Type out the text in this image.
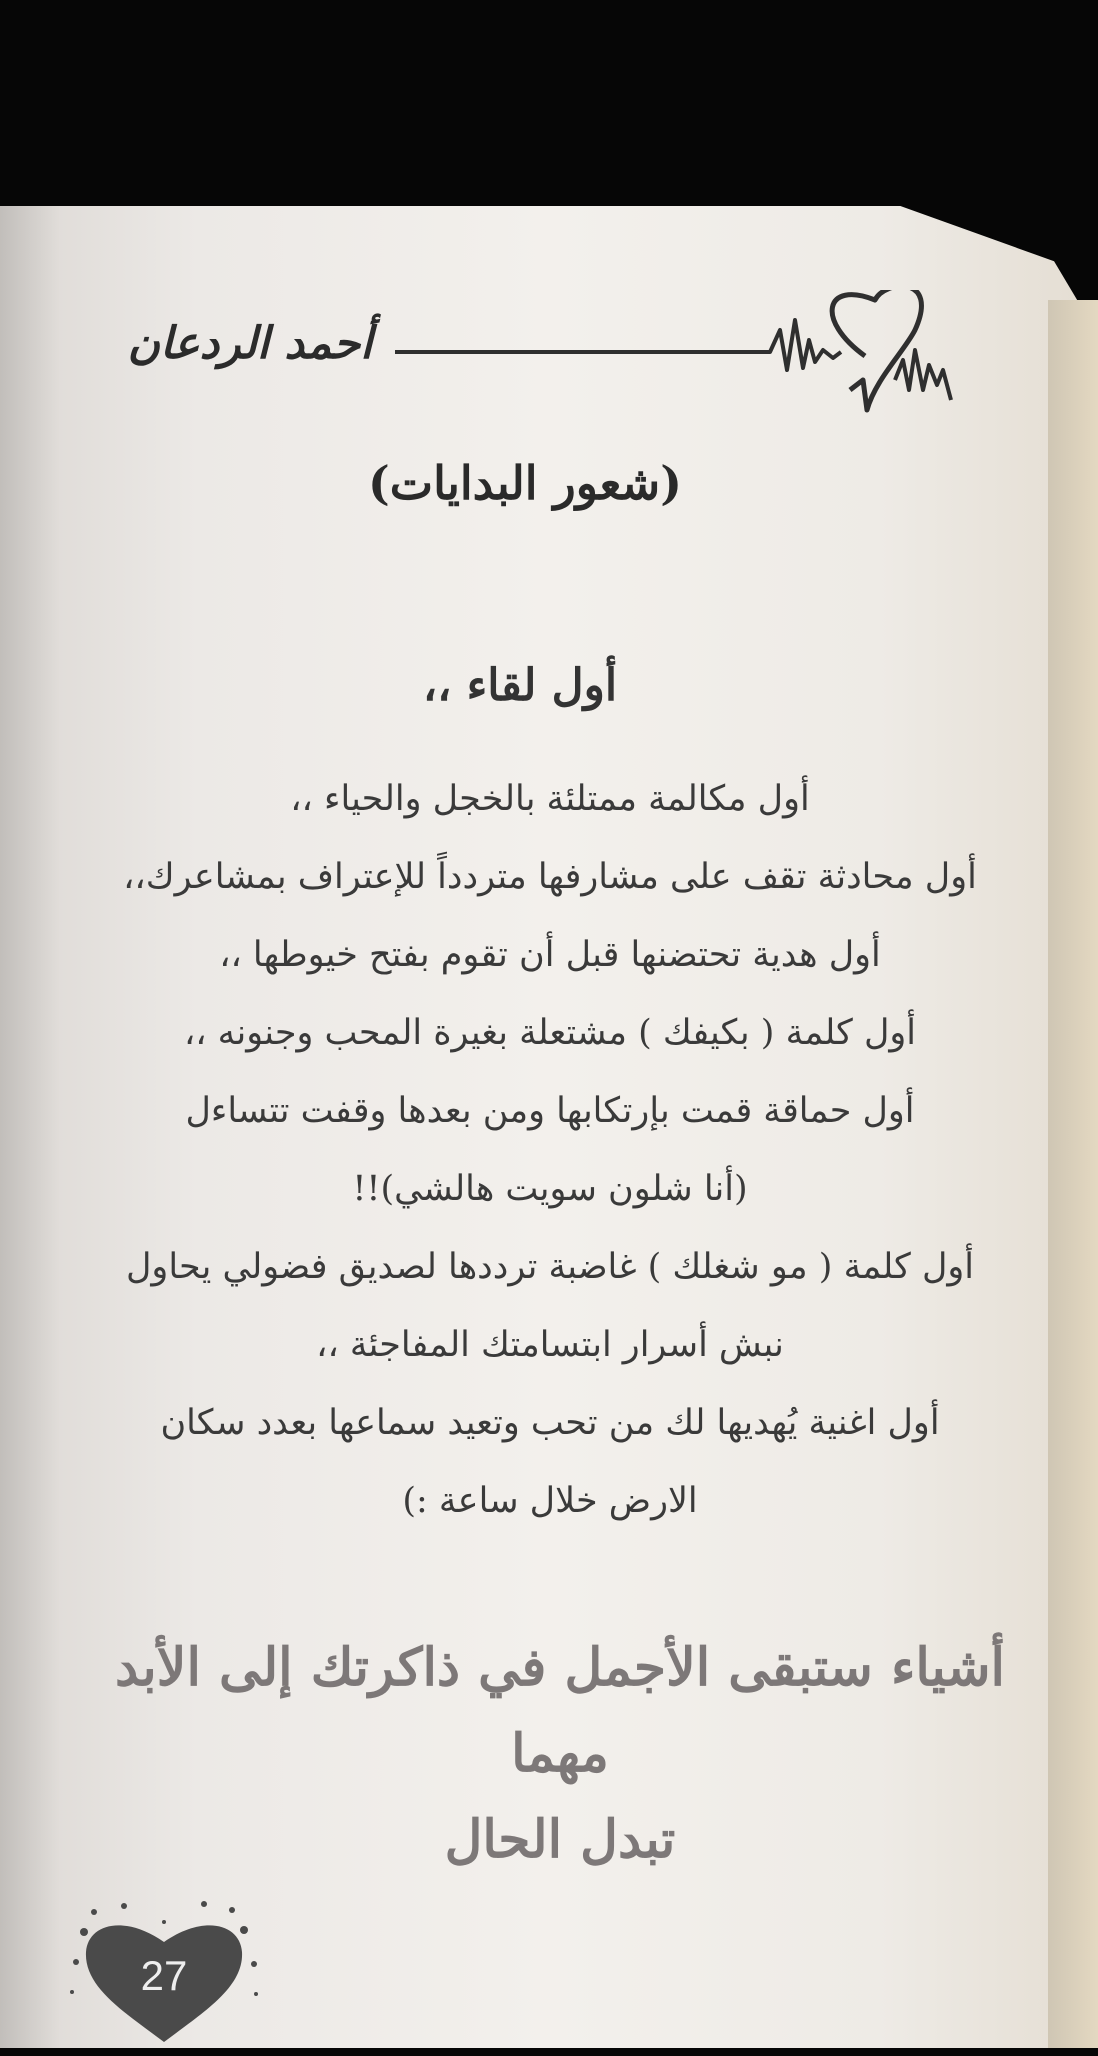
أحمد الردعان
(شعور البدايات)
أول لقاء ،،
أول مكالمة ممتلئة بالخجل والحياء ،،
أول محادثة تقف على مشارفها متردداً للإعتراف بمشاعرك،،
أول هدية تحتضنها قبل أن تقوم بفتح خيوطها ،،
أول كلمة ( بكيفك ) مشتعلة بغيرة المحب وجنونه ،،
أول حماقة قمت بإرتكابها ومن بعدها وقفت تتساءل
(أنا شلون سويت هالشي)!!
أول كلمة ( مو شغلك ) غاضبة ترددها لصديق فضولي يحاول
نبش أسرار ابتسامتك المفاجئة ،،
أول اغنية يُهديها لك من تحب وتعيد سماعها بعدد سكان
الارض خلال ساعة :)
أشياء ستبقى الأجمل في ذاكرتك إلى الأبد مهما
تبدل الحال
27
